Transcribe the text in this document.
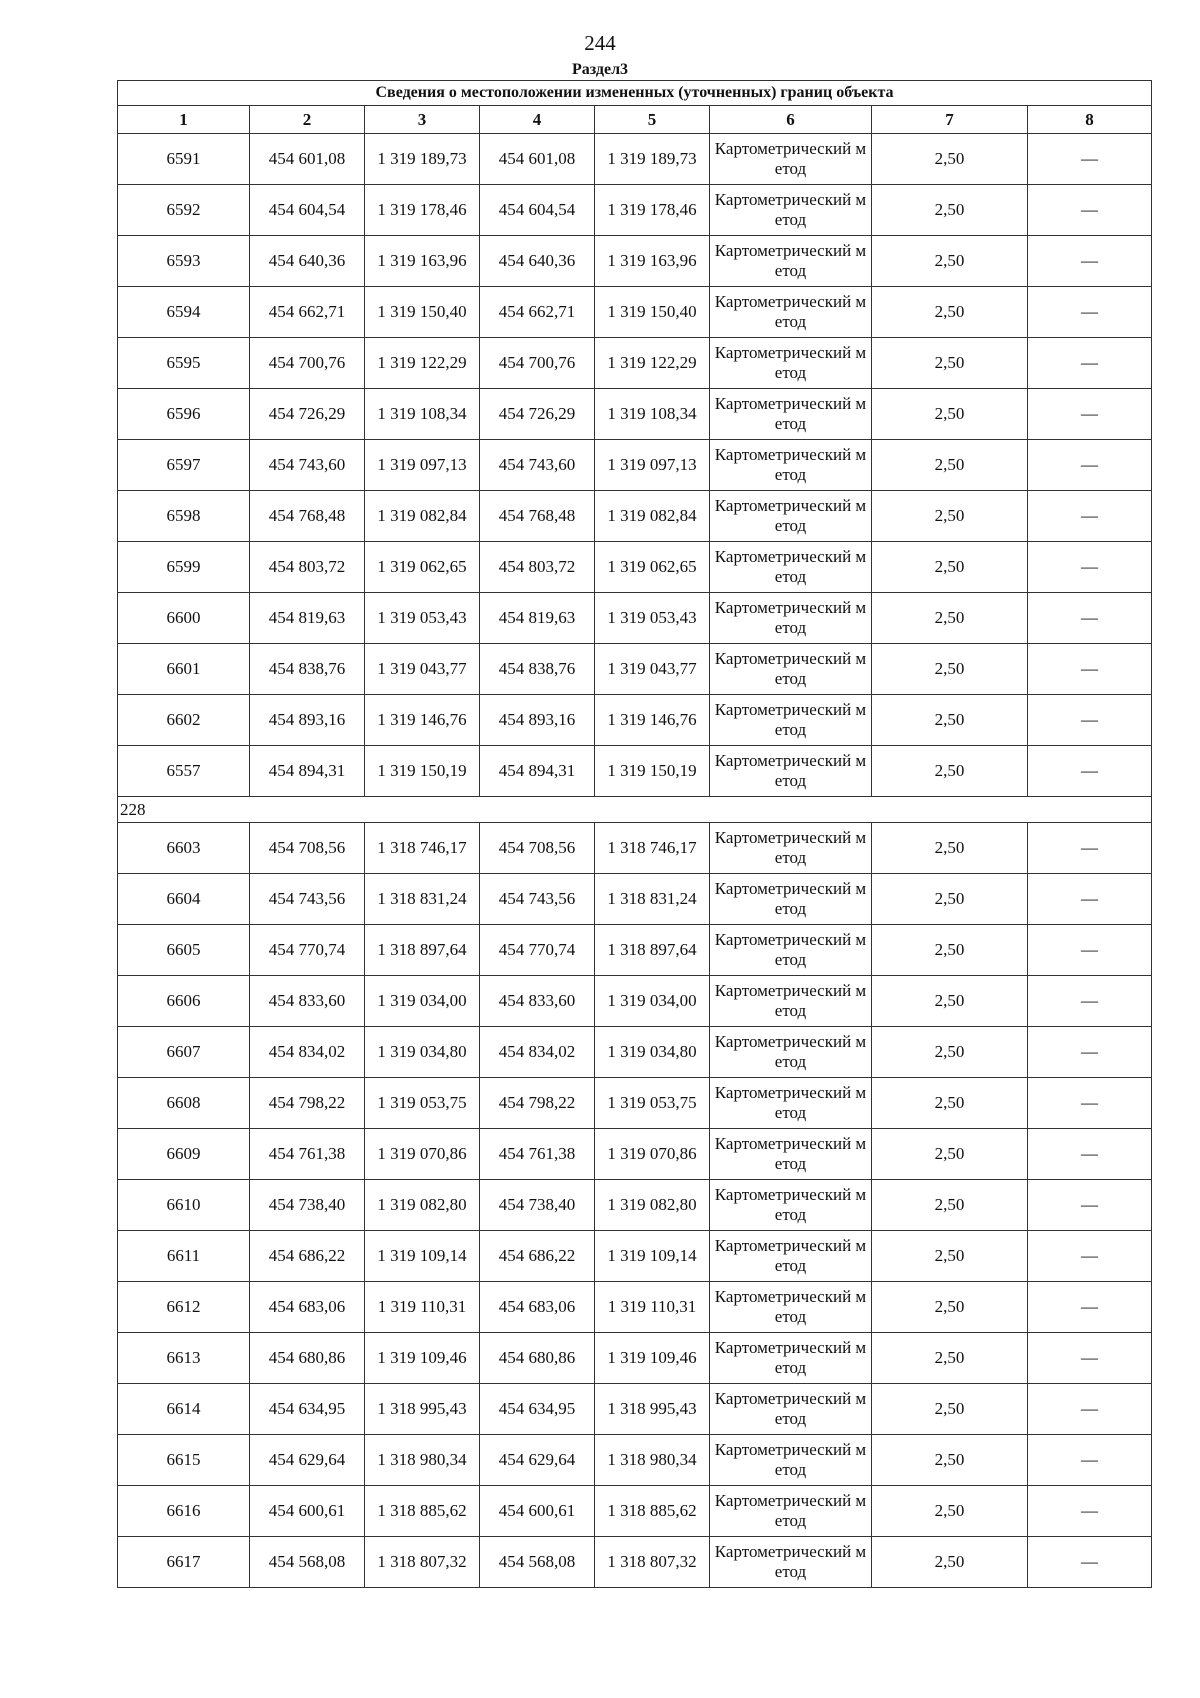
244
Раздел3
Сведения о местоположении измененных (уточненных) границ объекта							
1	2	3	4	5	6	7	8
6591	454 601,08	1 319 189,73	454 601,08	1 319 189,73	Картометрический метод	2,50	—
6592	454 604,54	1 319 178,46	454 604,54	1 319 178,46	Картометрический метод	2,50	—
6593	454 640,36	1 319 163,96	454 640,36	1 319 163,96	Картометрический метод	2,50	—
6594	454 662,71	1 319 150,40	454 662,71	1 319 150,40	Картометрический метод	2,50	—
6595	454 700,76	1 319 122,29	454 700,76	1 319 122,29	Картометрический метод	2,50	—
6596	454 726,29	1 319 108,34	454 726,29	1 319 108,34	Картометрический метод	2,50	—
6597	454 743,60	1 319 097,13	454 743,60	1 319 097,13	Картометрический метод	2,50	—
6598	454 768,48	1 319 082,84	454 768,48	1 319 082,84	Картометрический метод	2,50	—
6599	454 803,72	1 319 062,65	454 803,72	1 319 062,65	Картометрический метод	2,50	—
6600	454 819,63	1 319 053,43	454 819,63	1 319 053,43	Картометрический метод	2,50	—
6601	454 838,76	1 319 043,77	454 838,76	1 319 043,77	Картометрический метод	2,50	—
6602	454 893,16	1 319 146,76	454 893,16	1 319 146,76	Картометрический метод	2,50	—
6557	454 894,31	1 319 150,19	454 894,31	1 319 150,19	Картометрический метод	2,50	—
228							
6603	454 708,56	1 318 746,17	454 708,56	1 318 746,17	Картометрический метод	2,50	—
6604	454 743,56	1 318 831,24	454 743,56	1 318 831,24	Картометрический метод	2,50	—
6605	454 770,74	1 318 897,64	454 770,74	1 318 897,64	Картометрический метод	2,50	—
6606	454 833,60	1 319 034,00	454 833,60	1 319 034,00	Картометрический метод	2,50	—
6607	454 834,02	1 319 034,80	454 834,02	1 319 034,80	Картометрический метод	2,50	—
6608	454 798,22	1 319 053,75	454 798,22	1 319 053,75	Картометрический метод	2,50	—
6609	454 761,38	1 319 070,86	454 761,38	1 319 070,86	Картометрический метод	2,50	—
6610	454 738,40	1 319 082,80	454 738,40	1 319 082,80	Картометрический метод	2,50	—
6611	454 686,22	1 319 109,14	454 686,22	1 319 109,14	Картометрический метод	2,50	—
6612	454 683,06	1 319 110,31	454 683,06	1 319 110,31	Картометрический метод	2,50	—
6613	454 680,86	1 319 109,46	454 680,86	1 319 109,46	Картометрический метод	2,50	—
6614	454 634,95	1 318 995,43	454 634,95	1 318 995,43	Картометрический метод	2,50	—
6615	454 629,64	1 318 980,34	454 629,64	1 318 980,34	Картометрический метод	2,50	—
6616	454 600,61	1 318 885,62	454 600,61	1 318 885,62	Картометрический метод	2,50	—
6617	454 568,08	1 318 807,32	454 568,08	1 318 807,32	Картометрический метод	2,50	—
